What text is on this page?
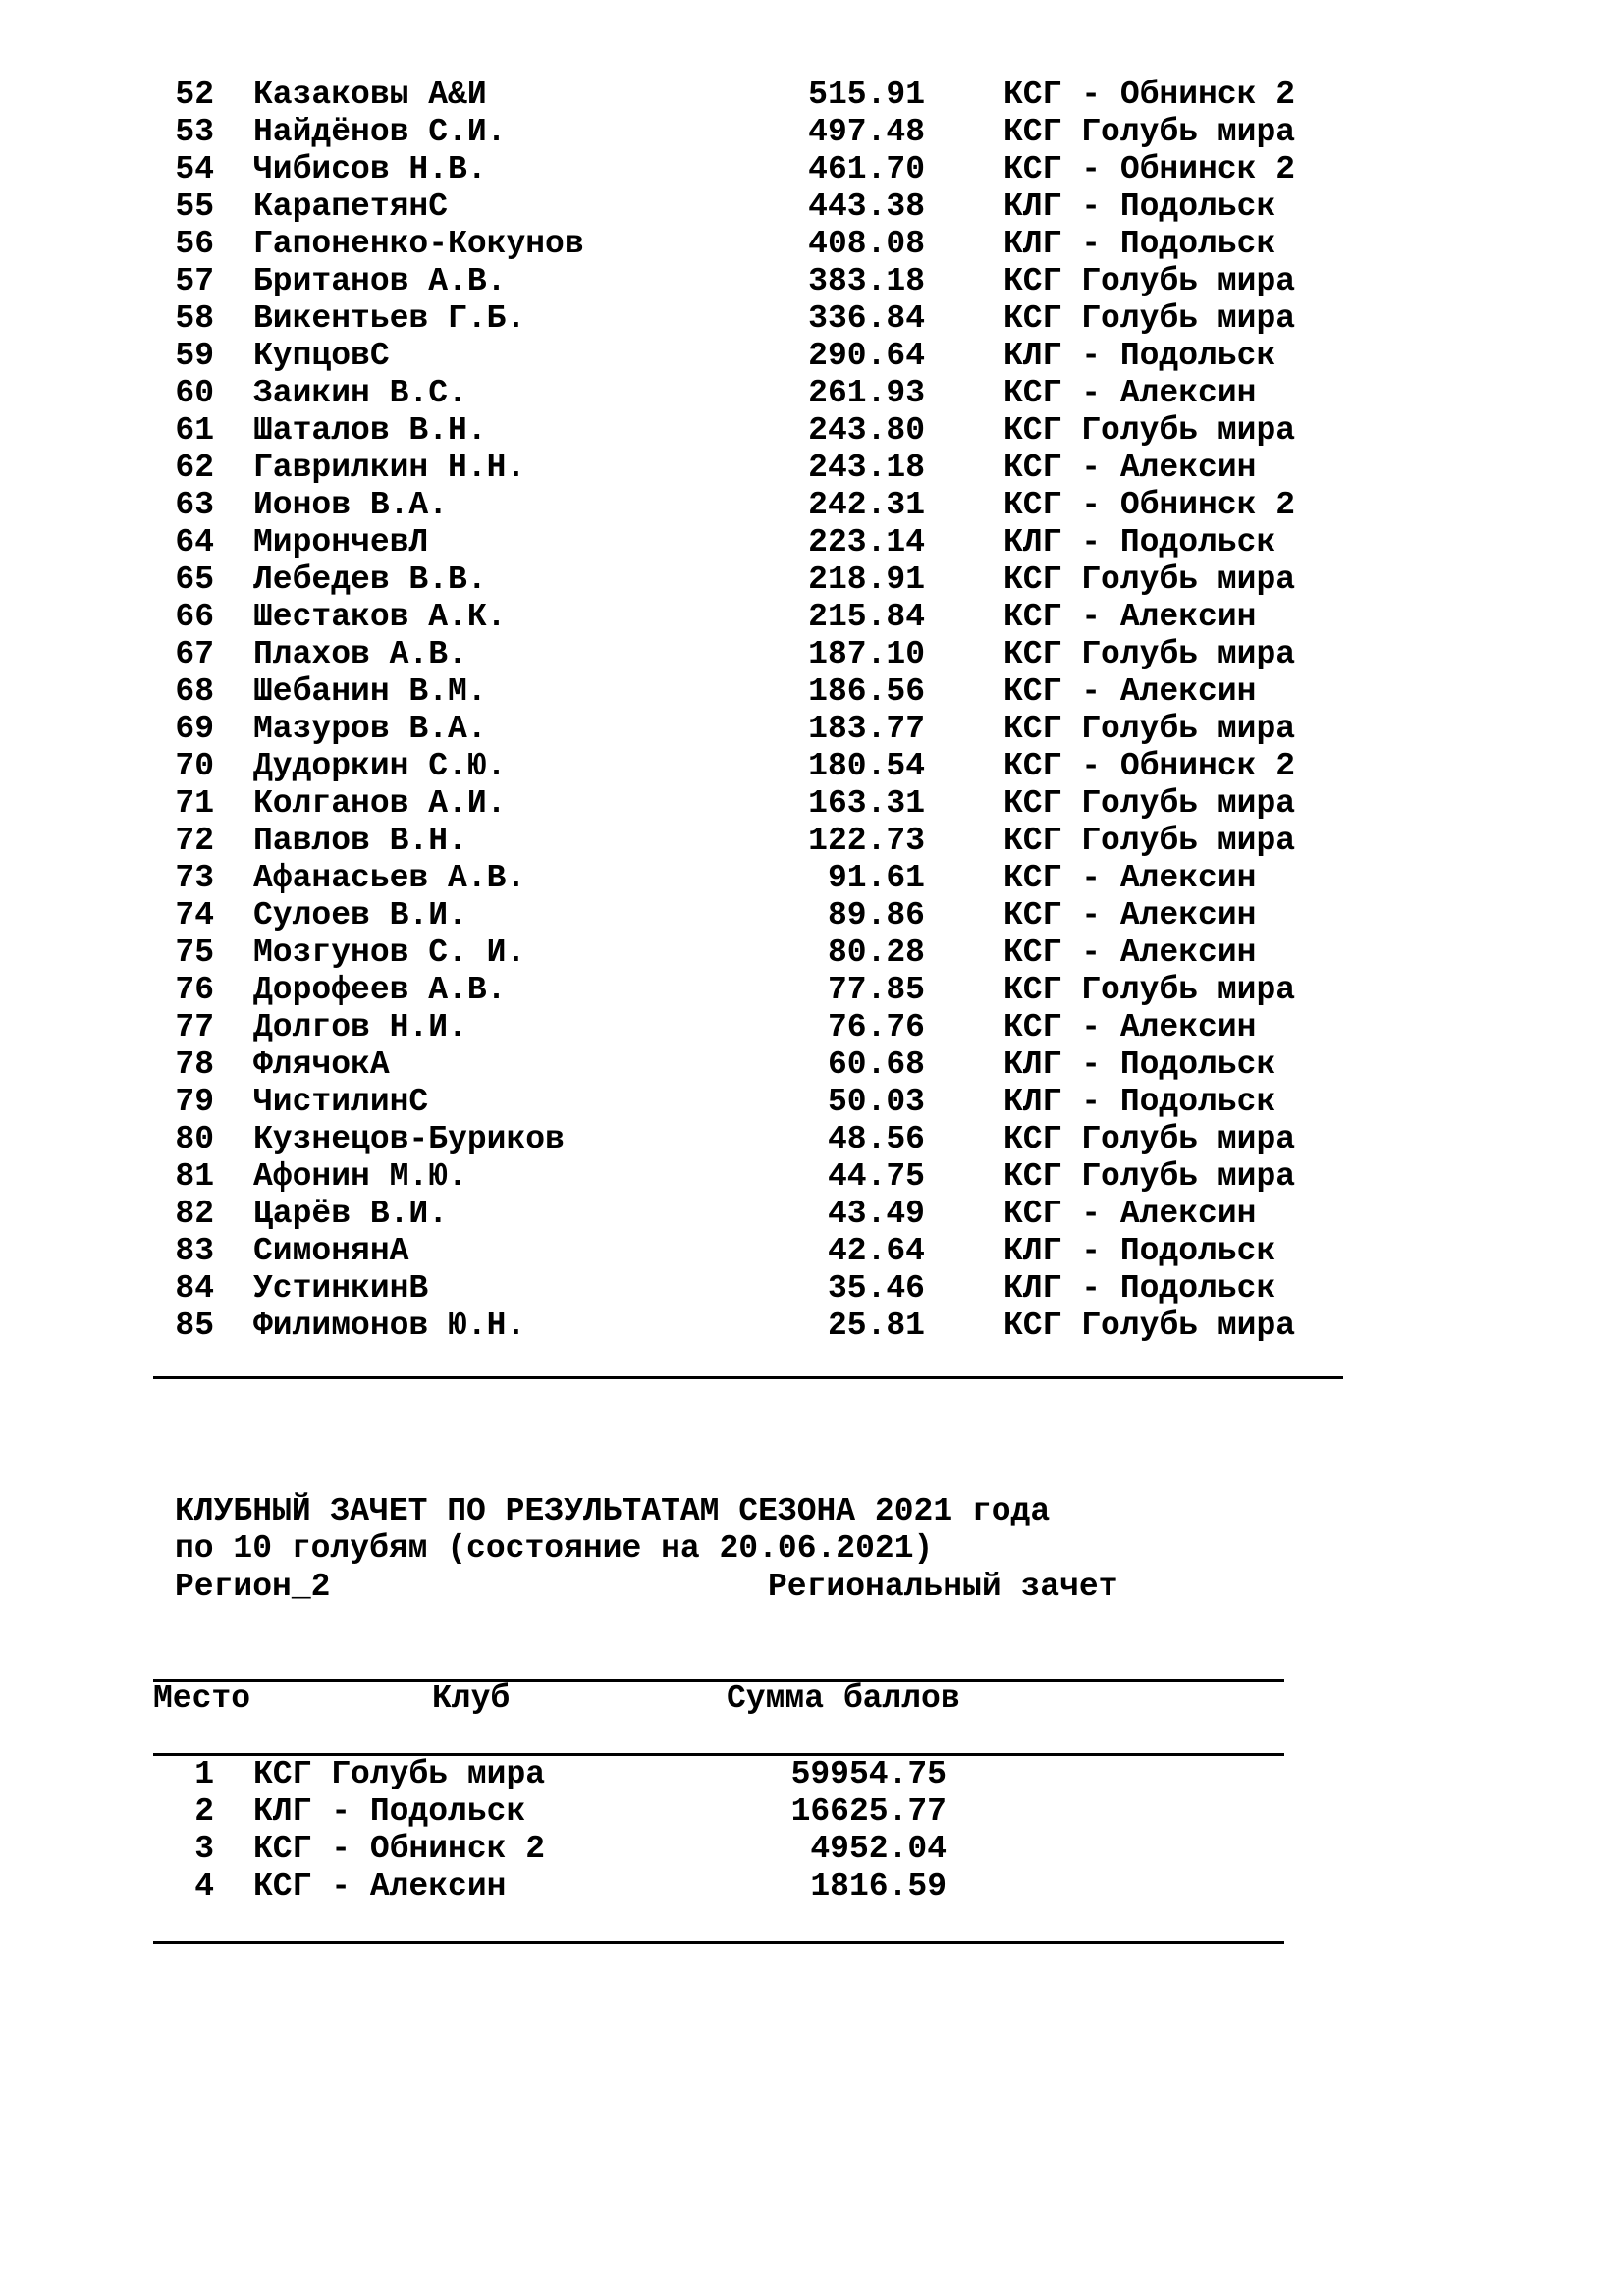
52 Казаковы А&И	515.91 КСГ - Обнинск 2
53 Найдёнов С.И.	497.48 КСГ Голубь мира
54 Чибисов Н.В.	461.70 КСГ - Обнинск 2
55 КарапетянС	443.38 КЛГ - Подольск
56 Гапоненко-Кокунов	408.08 КЛГ - Подольск
57 Британов А.В.	383.18 КСГ Голубь мира
58 Викентьев Г.Б.	336.84 КСГ Голубь мира
59 КупцовС	290.64 КЛГ - Подольск
60 Заикин В.С.	261.93 КСГ - Алексин
61 Шаталов В.Н.	243.80 КСГ Голубь мира
62 Гаврилкин Н.Н.	243.18 КСГ - Алексин
63 Ионов В.А.	242.31 КСГ - Обнинск 2
64 МирончевЛ	223.14 КЛГ - Подольск
65 Лебедев В.В.	218.91 КСГ Голубь мира
66 Шестаков А.К.	215.84 КСГ - Алексин
67 Плахов А.В.	187.10 КСГ Голубь мира
68 Шебанин В.М.	186.56 КСГ - Алексин
69 Мазуров В.А.	183.77 КСГ Голубь мира
70 Дудоркин С.Ю.	180.54 КСГ - Обнинск 2
71 Колганов А.И.	163.31 КСГ Голубь мира
72 Павлов В.Н.	122.73 КСГ Голубь мира
73 Афанасьев А.В.	91.61 КСГ - Алексин
74 Сулоев В.И.	89.86 КСГ - Алексин
75 Мозгунов С. И.	80.28 КСГ - Алексин
76 Дорофеев А.В.	77.85 КСГ Голубь мира
77 Долгов Н.И.	76.76 КСГ - Алексин
78 ФлячокА	60.68 КЛГ - Подольск
79 ЧистилинС	50.03 КЛГ - Подольск
80 Кузнецов-Буриков	48.56 КСГ Голубь мира
81 Афонин М.Ю.	44.75 КСГ Голубь мира
82 Царёв В.И.	43.49 КСГ - Алексин
83 СимонянА	42.64 КЛГ - Подольск
84 УстинкинВ	35.46 КЛГ - Подольск
85 Филимонов Ю.Н.	25.81 КСГ Голубь мира
КЛУБНЫЙ ЗАЧЕТ ПО РЕЗУЛЬТАТАМ СЕЗОНА 2021 года
по 10 голубям (состояние на 20.06.2021)
Регион_2	Региональный зачет
Место	Клуб	Сумма баллов
1 КСГ Голубь мира	59954.75
2 КЛГ - Подольск	16625.77
3 КСГ - Обнинск 2	4952.04
4 КСГ - Алексин	1816.59
